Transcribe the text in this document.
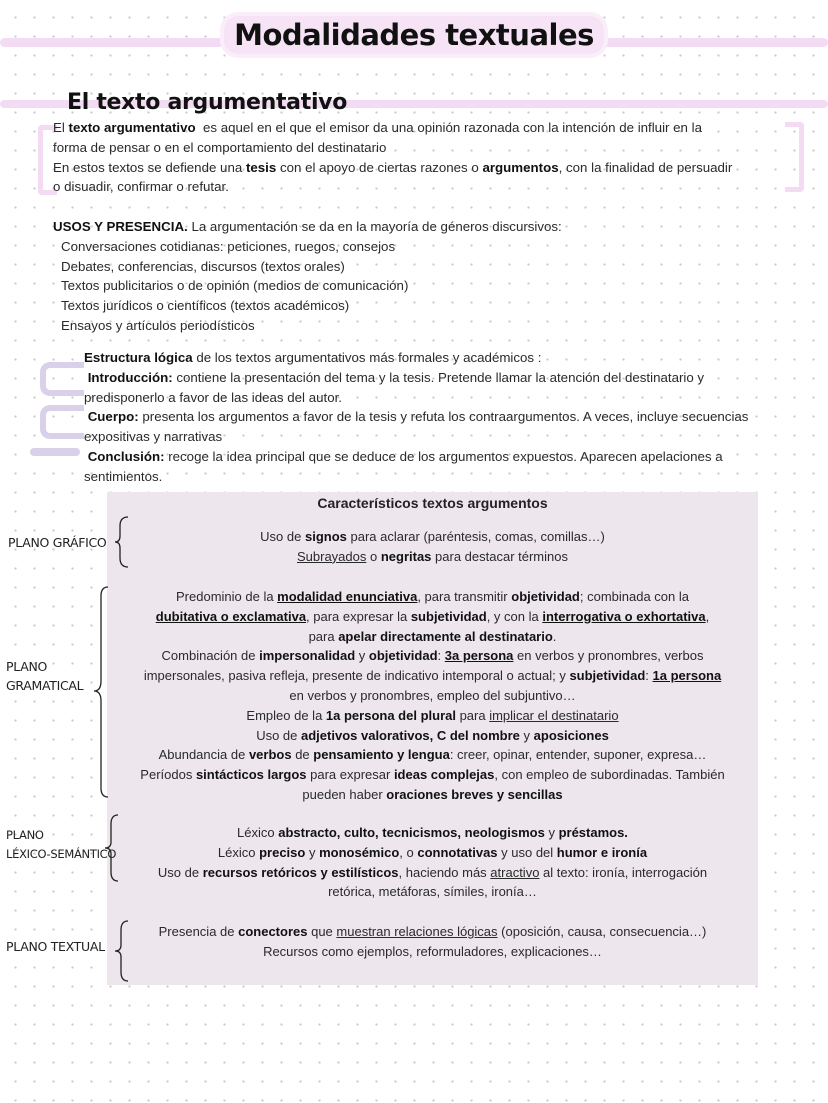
Modalidades textuales
El texto argumentativo
El texto argumentativo  es aquel en el que el emisor da una opinión razonada con la intención de influir en la
forma de pensar o en el comportamiento del destinatario
En estos textos se defiende una tesis con el apoyo de ciertas razones o argumentos, con la finalidad de persuadir
o disuadir, confirmar o refutar.
USOS Y PRESENCIA. La argumentación se da en la mayoría de géneros discursivos:
Conversaciones cotidianas: peticiones, ruegos, consejos
Debates, conferencias, discursos (textos orales)
Textos publicitarios o de opinión (medios de comunicación)
Textos jurídicos o científicos (textos académicos)
Ensayos y artículos periodísticos
Estructura lógica de los textos argumentativos más formales y académicos :
Introducción: contiene la presentación del tema y la tesis. Pretende llamar la atención del destinatario y
predisponerlo a favor de las ideas del autor.
Cuerpo: presenta los argumentos a favor de la tesis y refuta los contraargumentos. A veces, incluye secuencias
expositivas y narrativas
Conclusión: recoge la idea principal que se deduce de los argumentos expuestos. Aparecen apelaciones a
sentimientos.
Característicos textos argumentos
PLANO GRÁFICO	Uso de signos para aclarar (paréntesis, comas, comillas…)
Subrayados o negritas para destacar términos
PLANO
GRAMATICAL
Predominio de la modalidad enunciativa, para transmitir objetividad; combinada con la
dubitativa o exclamativa, para expresar la subjetividad, y con la interrogativa o exhortativa,
para apelar directamente al destinatario.
Combinación de impersonalidad y objetividad: 3a persona en verbos y pronombres, verbos
impersonales, pasiva refleja, presente de indicativo intemporal o actual; y subjetividad: 1a persona
en verbos y pronombres, empleo del subjuntivo…
Empleo de la 1a persona del plural para implicar el destinatario
Uso de adjetivos valorativos, C del nombre y aposiciones
Abundancia de verbos de pensamiento y lengua: creer, opinar, entender, suponer, expresa…
Períodos sintácticos largos para expresar ideas complejas, con empleo de subordinadas. También
pueden haber oraciones breves y sencillas
PLANO
LÉXICO-SEMÁNTICO
Léxico abstracto, culto, tecnicismos, neologismos y préstamos.
Léxico preciso y monosémico, o connotativas y uso del humor e ironía
Uso de recursos retóricos y estilísticos, haciendo más atractivo al texto: ironía, interrogación
retórica, metáforas, símiles, ironía…
PLANO TEXTUAL
Presencia de conectores que muestran relaciones lógicas (oposición, causa, consecuencia…)
Recursos como ejemplos, reformuladores, explicaciones…
